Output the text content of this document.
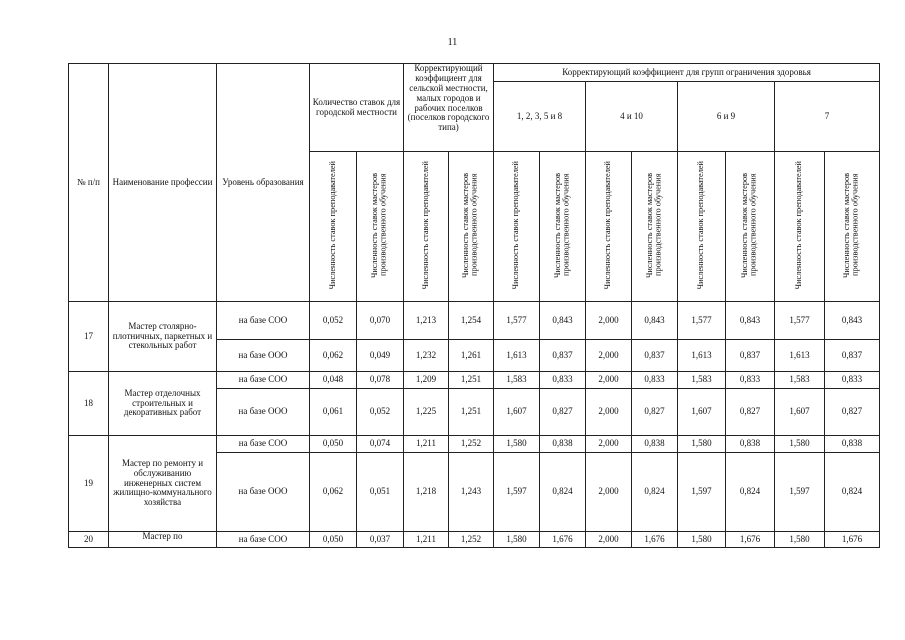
11
№ п/п	Наименование профессии	Уровень образования	Количество ставок для городской местности		Корректирующий коэффициент для сельской местности, малых городов и рабочих поселков (поселков городского типа)		Корректирующий коэффициент для групп ограничения здоровья							
							1, 2, 3, 5 и 8		4 и 10		6 и 9		7	
			Численность ставок преподавателей	Численность ставок мастеров производственного обучения	Численность ставок преподавателей	Численность ставок мастеров производственного обучения	Численность ставок преподавателей	Численность ставок мастеров производственного обучения	Численность ставок преподавателей	Численность ставок мастеров производственного обучения	Численность ставок преподавателей	Численность ставок мастеров производственного обучения	Численность ставок преподавателей	Численность ставок мастеров производственного обучения
17	Мастер столярно-плотничных, паркетных и стекольных работ	на базе СОО	0,052	0,070	1,213	1,254	1,577	0,843	2,000	0,843	1,577	0,843	1,577	0,843
		на базе ООО	0,062	0,049	1,232	1,261	1,613	0,837	2,000	0,837	1,613	0,837	1,613	0,837
18	Мастер отделочных строительных и декоративных работ	на базе СОО	0,048	0,078	1,209	1,251	1,583	0,833	2,000	0,833	1,583	0,833	1,583	0,833
		на базе ООО	0,061	0,052	1,225	1,251	1,607	0,827	2,000	0,827	1,607	0,827	1,607	0,827
19	Мастер по ремонту и обслуживанию инженерных систем жилищно-коммунального хозяйства	на базе СОО	0,050	0,074	1,211	1,252	1,580	0,838	2,000	0,838	1,580	0,838	1,580	0,838
		на базе ООО	0,062	0,051	1,218	1,243	1,597	0,824	2,000	0,824	1,597	0,824	1,597	0,824
20	Мастер по	на базе СОО	0,050	0,037	1,211	1,252	1,580	1,676	2,000	1,676	1,580	1,676	1,580	1,676
